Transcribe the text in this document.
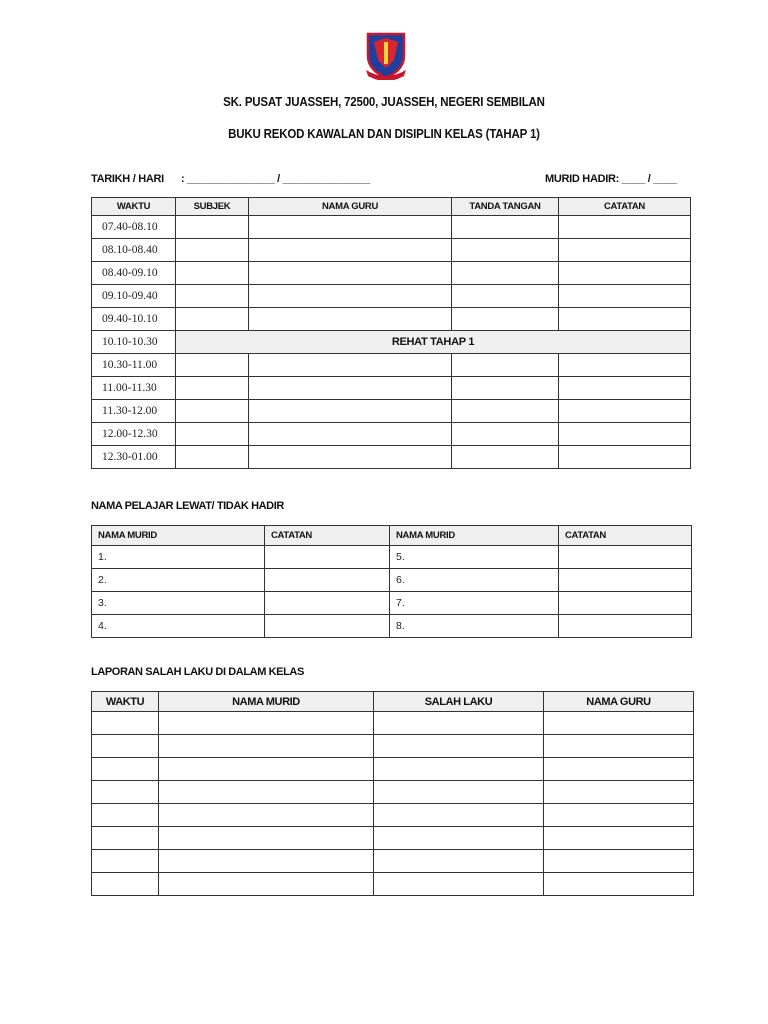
SK. PUSAT JUASSEH, 72500, JUASSEH, NEGERI SEMBILAN
BUKU REKOD KAWALAN DAN DISIPLIN KELAS (TAHAP 1)
TARIKH / HARI : _______________ / _______________	MURID HADIR: ____ / ____
WAKTU	SUBJEK	NAMA GURU	TANDA TANGAN	CATATAN
07.40-08.10				
08.10-08.40				
08.40-09.10				
09.10-09.40				
09.40-10.10				
10.10-10.30	REHAT TAHAP 1			
10.30-11.00				
11.00-11.30				
11.30-12.00				
12.00-12.30				
12.30-01.00				
NAMA PELAJAR LEWAT/ TIDAK HADIR
NAMA MURID	CATATAN	NAMA MURID	CATATAN
1.		5.	
2.		6.	
3.		7.	
4.		8.	
LAPORAN SALAH LAKU DI DALAM KELAS
WAKTU	NAMA MURID	SALAH LAKU	NAMA GURU
